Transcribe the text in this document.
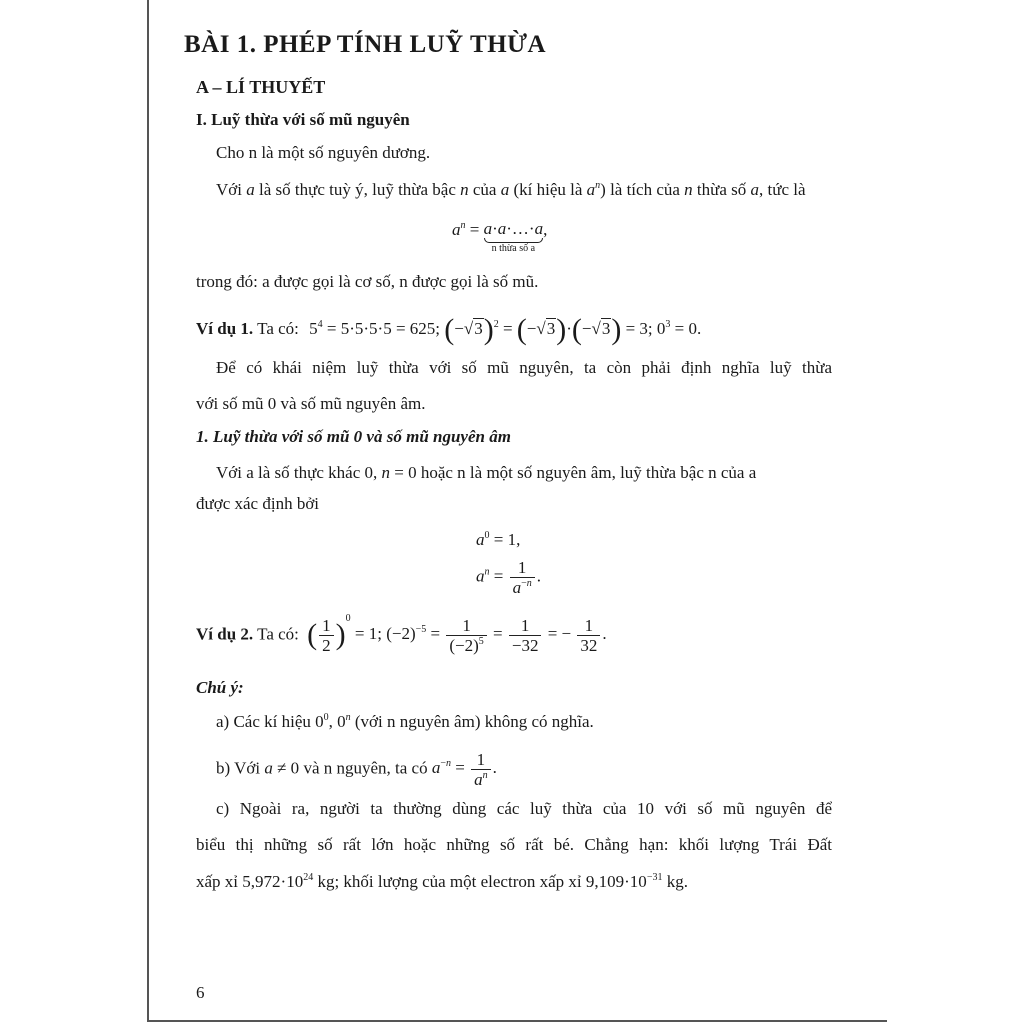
BÀI 1. PHÉP TÍNH LUỸ THỪA
A – LÍ THUYẾT
I. Luỹ thừa với số mũ nguyên
Cho n là một số nguyên dương.
Với a là số thực tuỳ ý, luỹ thừa bậc n của a (kí hiệu là $a^n$) là tích của n thừa số a, tức là
$a^n$ = a·a·…·a
n thừa số a
,
trong đó: a được gọi là cơ số, n được gọi là số mũ.
Ví dụ 1. Ta có: $5^4 = 5\cdot 5\cdot 5\cdot 5 = 625$; $(-√3)^2 = (-√3)\cdot(-√3) = 3$; $0^3 = 0$.
Để có khái niệm luỹ thừa với số mũ nguyên, ta còn phải định nghĩa luỹ thừa
với số mũ 0 và số mũ nguyên âm.
1. Luỹ thừa với số mũ 0 và số mũ nguyên âm
Với a là số thực khác 0, n = 0 hoặc n là một số nguyên âm, luỹ thừa bậc n của a
được xác định bởi
$a^0 = 1$,
$a^n = \frac{1}{a^{-n}}$ .
Ví dụ 2. Ta có: ( $\frac{1}{2} )^0 = 1$; $(-2)^{-5} = \frac{1}{(-2)^5} = \frac{1}{-32}$ = − $\frac{1}{32}$ .
Chú ý:
a) Các kí hiệu $0^0$, 0$^n$ (với n nguyên âm) không có nghĩa.
b) Với a ≠ 0 và n nguyên, ta có $a^{-n} = \frac{1}{a^n}$ .
c) Ngoài ra, người ta thường dùng các luỹ thừa của 10 với số mũ nguyên để
biểu thị những số rất lớn hoặc những số rất bé. Chẳng hạn: khối lượng Trái Đất
xấp xỉ $5,972\cdot 10^{24}$ kg; khối lượng của một electron xấp xỉ $9,109\cdot 10^{-31}$ kg.
6
